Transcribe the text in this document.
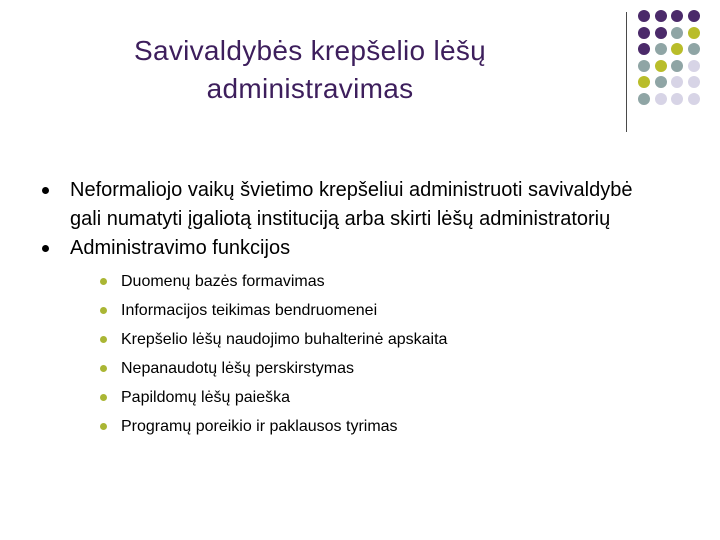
Savivaldybės krepšelio lėšų
administravimas
Neformaliojo vaikų švietimo krepšeliui administruoti savivaldybė gali numatyti įgaliotą instituciją arba skirti lėšų administratorių
Administravimo funkcijos
Duomenų bazės formavimas
Informacijos teikimas bendruomenei
Krepšelio lėšų naudojimo buhalterinė apskaita
Nepanaudotų lėšų perskirstymas
Papildomų lėšų paieška
Programų poreikio ir paklausos tyrimas
